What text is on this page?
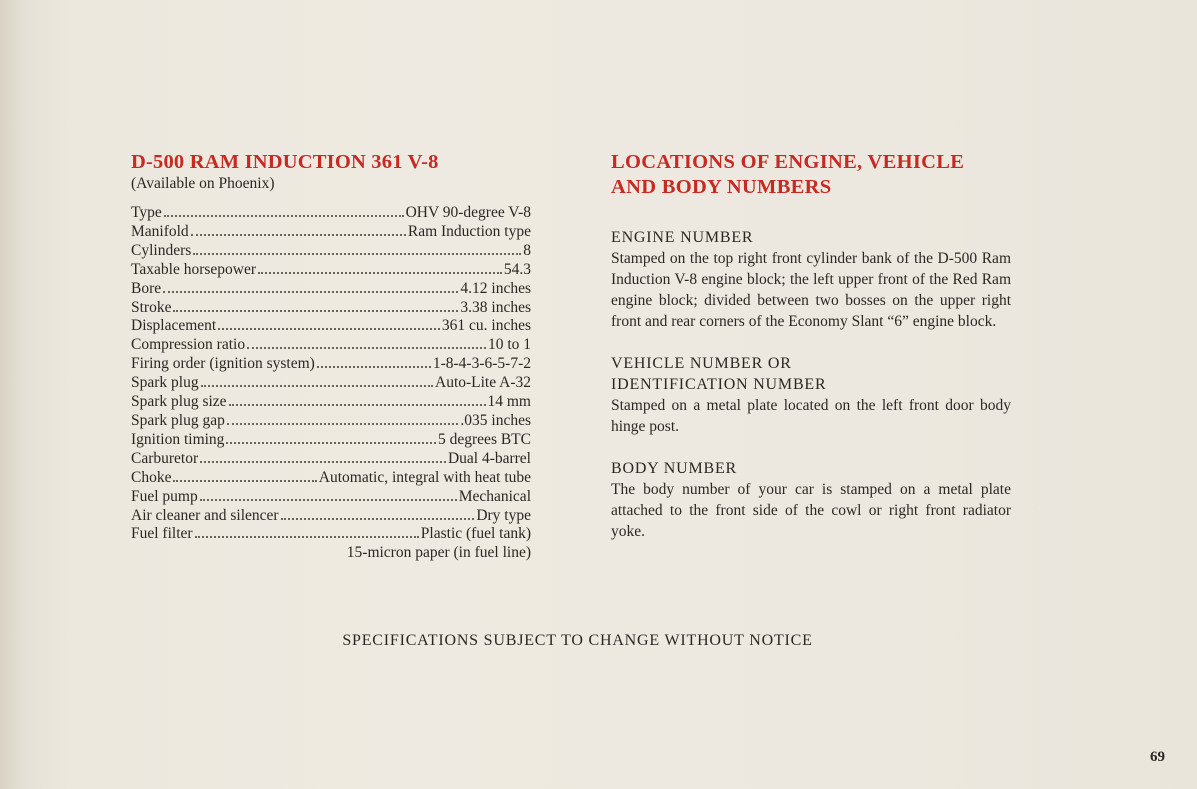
D-500 RAM INDUCTION 361 V-8
(Available on Phoenix)
Type	OHV 90-degree V-8
Manifold	Ram Induction type
Cylinders	8
Taxable horsepower	54.3
Bore	4.12 inches
Stroke	3.38 inches
Displacement	361 cu. inches
Compression ratio	10 to 1
Firing order (ignition system)	1-8-4-3-6-5-7-2
Spark plug	Auto-Lite A-32
Spark plug size	14 mm
Spark plug gap	.035 inches
Ignition timing	5 degrees BTC
Carburetor	Dual 4-barrel
Choke	Automatic, integral with heat tube
Fuel pump	Mechanical
Air cleaner and silencer	Dry type
Fuel filter	Plastic (fuel tank)
15-micron paper (in fuel line)
LOCATIONS OF ENGINE, VEHICLE
AND BODY NUMBERS
ENGINE NUMBER

Stamped on the top right front cylinder bank of the D-500 Ram Induction V-8 engine block; the left upper front of the Red Ram engine block; divided between two bosses on the upper right front and rear corners of the Economy Slant “6” engine block.

VEHICLE NUMBER OR IDENTIFICATION NUMBER

Stamped on a metal plate located on the left front door body hinge post.

BODY NUMBER

The body number of your car is stamped on a metal plate attached to the front side of the cowl or right front radiator yoke.

SPECIFICATIONS SUBJECT TO CHANGE WITHOUT NOTICE
69
